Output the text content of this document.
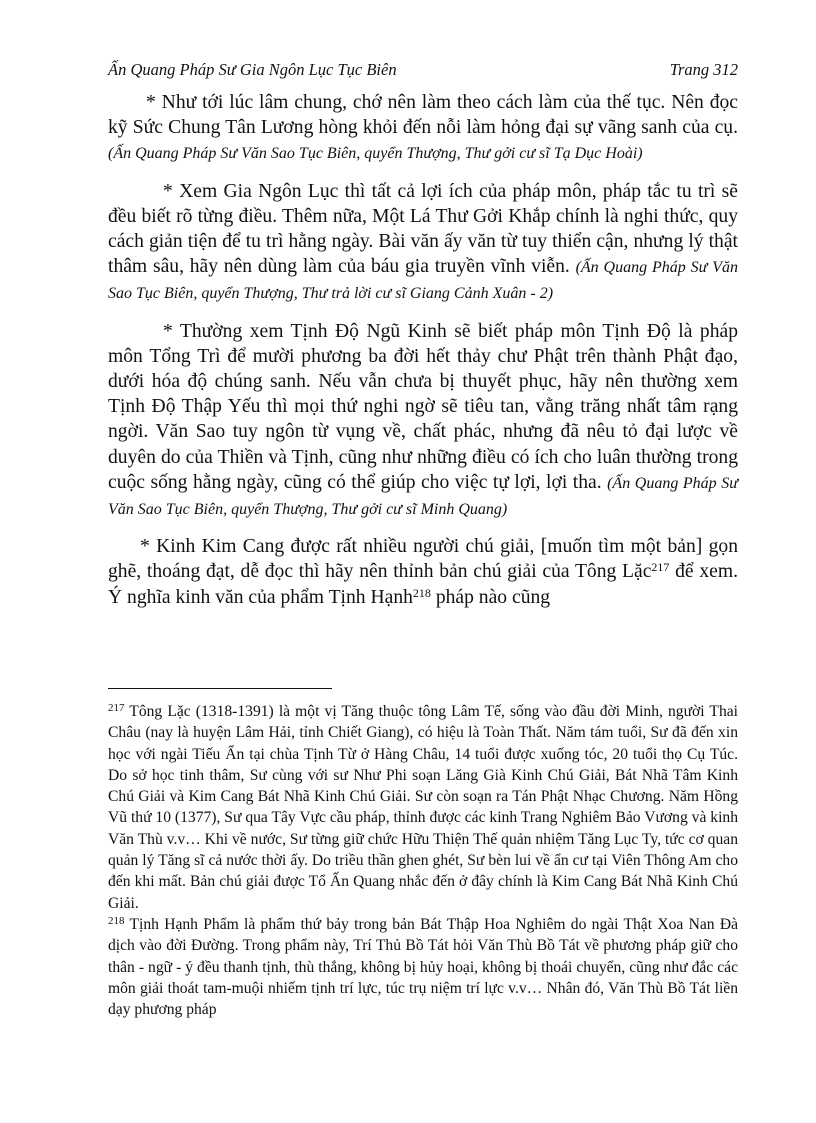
Ấn Quang Pháp Sư Gia Ngôn Lục Tục Biên	Trang 312

* Như tới lúc lâm chung, chớ nên làm theo cách làm của thế tục. Nên đọc kỹ Sức Chung Tân Lương hòng khỏi đến nỗi làm hỏng đại sự vãng sanh của cụ. (Ấn Quang Pháp Sư Văn Sao Tục Biên, quyển Thượng, Thư gởi cư sĩ Tạ Dục Hoài)

* Xem Gia Ngôn Lục thì tất cả lợi ích của pháp môn, pháp tắc tu trì sẽ đều biết rõ từng điều. Thêm nữa, Một Lá Thư Gởi Khắp chính là nghi thức, quy cách giản tiện để tu trì hằng ngày. Bài văn ấy văn từ tuy thiển cận, nhưng lý thật thâm sâu, hãy nên dùng làm của báu gia truyền vĩnh viễn. (Ấn Quang Pháp Sư Văn Sao Tục Biên, quyển Thượng, Thư trả lời cư sĩ Giang Cảnh Xuân - 2)

* Thường xem Tịnh Độ Ngũ Kinh sẽ biết pháp môn Tịnh Độ là pháp môn Tổng Trì để mười phương ba đời hết thảy chư Phật trên thành Phật đạo, dưới hóa độ chúng sanh. Nếu vẫn chưa bị thuyết phục, hãy nên thường xem Tịnh Độ Thập Yếu thì mọi thứ nghi ngờ sẽ tiêu tan, vằng trăng nhất tâm rạng ngời. Văn Sao tuy ngôn từ vụng về, chất phác, nhưng đã nêu tỏ đại lược về duyên do của Thiền và Tịnh, cũng như những điều có ích cho luân thường trong cuộc sống hằng ngày, cũng có thể giúp cho việc tự lợi, lợi tha. (Ấn Quang Pháp Sư Văn Sao Tục Biên, quyển Thượng, Thư gởi cư sĩ Minh Quang)

* Kinh Kim Cang được rất nhiều người chú giải, [muốn tìm một bản] gọn ghẽ, thoáng đạt, dễ đọc thì hãy nên thỉnh bản chú giải của Tông Lặc$^{217}$ để xem. Ý nghĩa kinh văn của phẩm Tịnh Hạnh$^{218}$ pháp nào cũng

$^{217}$ Tông Lặc (1318-1391) là một vị Tăng thuộc tông Lâm Tế, sống vào đầu đời Minh, người Thai Châu (nay là huyện Lâm Hải, tỉnh Chiết Giang), có hiệu là Toàn Thất. Năm tám tuổi, Sư đã đến xin học với ngài Tiếu Ẩn tại chùa Tịnh Từ ở Hàng Châu, 14 tuổi được xuống tóc, 20 tuổi thọ Cụ Túc. Do sở học tinh thâm, Sư cùng với sư Như Phi soạn Lăng Già Kinh Chú Giải, Bát Nhã Tâm Kinh Chú Giải và Kim Cang Bát Nhã Kinh Chú Giải. Sư còn soạn ra Tán Phật Nhạc Chương. Năm Hồng Vũ thứ 10 (1377), Sư qua Tây Vực cầu pháp, thỉnh được các kinh Trang Nghiêm Bảo Vương và kinh Văn Thù v.v… Khi về nước, Sư từng giữ chức Hữu Thiện Thế quản nhiệm Tăng Lục Ty, tức cơ quan quản lý Tăng sĩ cả nước thời ấy. Do triều thần ghen ghét, Sư bèn lui về ẩn cư tại Viên Thông Am cho đến khi mất. Bản chú giải được Tổ Ấn Quang nhắc đến ở đây chính là Kim Cang Bát Nhã Kinh Chú Giải.

$^{218}$ Tịnh Hạnh Phẩm là phẩm thứ bảy trong bản Bát Thập Hoa Nghiêm do ngài Thật Xoa Nan Đà dịch vào đời Đường. Trong phẩm này, Trí Thủ Bồ Tát hỏi Văn Thù Bồ Tát về phương pháp giữ cho thân - ngữ - ý đều thanh tịnh, thù thắng, không bị hủy hoại, không bị thoái chuyển, cũng như đắc các môn giải thoát tam-muội nhiếm tịnh trí lực, túc trụ niệm trí lực v.v… Nhân đó, Văn Thù Bồ Tát liền dạy phương pháp
